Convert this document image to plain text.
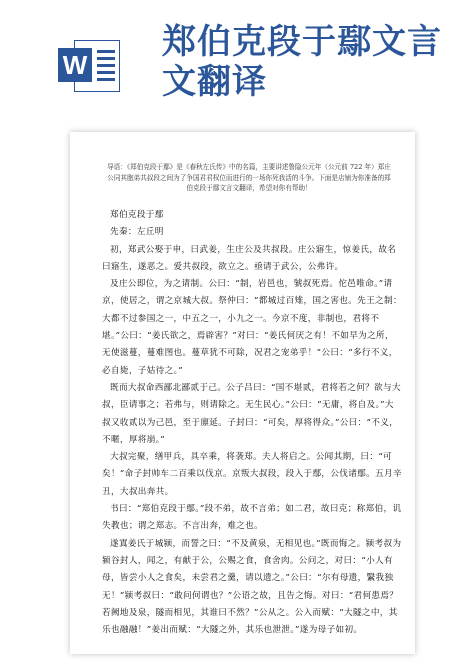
W
郑伯克段于鄢文言
文翻译
导语：《郑伯克段于鄢》是《春秋左氏传》中的名篇，主要讲述鲁隐公元年（公元前 722 年）郑庄公同其胞弟共叔段之间为了争国君君权位而进行的一场你死我活的斗争。下面是店铺为你准备的郑伯克段于鄢文言文翻译，希望对你有帮助！

郑伯克段于鄢

先秦：左丘明

初，郑武公娶于申，曰武姜，生庄公及共叔段。庄公寤生，惊姜氏，故名曰寤生，遂恶之。爱共叔段，欲立之。亟请于武公，公弗许。

及庄公即位，为之请制。公曰：“制，岩邑也，虢叔死焉。佗邑唯命。”请京，使居之，谓之京城大叔。祭仲曰：“都城过百雉，国之害也。先王之制：大都不过参国之一，中五之一，小九之一。今京不度，非制也，君将不堪。”公曰：“姜氏欲之，焉辟害？”对曰：“姜氏何厌之有！不如早为之所，无使滋蔓，蔓难图也。蔓草犹不可除，况君之宠弟乎！”公曰：“多行不义，必自毙，子姑待之。”

既而大叔命西鄙北鄙贰于己。公子吕曰：“国不堪贰，君将若之何？欲与大叔，臣请事之；若弗与，则请除之。无生民心。”公曰：“无庸，将自及。”大叔又收贰以为己邑，至于廪延。子封曰：“可矣，厚将得众。”公曰：“不义，不暱，厚将崩。”

大叔完聚，缮甲兵，具卒乘，将袭郑。夫人将启之。公闻其期，曰：“可矣！”命子封帅车二百乘以伐京。京叛大叔段，段入于鄢，公伐诸鄢。五月辛丑，大叔出奔共。

书曰：“郑伯克段于鄢。”段不弟，故不言弟；如二君，故曰克；称郑伯，讥失教也；谓之郑志。不言出奔，难之也。

遂寘姜氏于城颍，而誓之曰：“不及黄泉，无相见也。”既而悔之。颍考叔为颍谷封人，闻之，有献于公，公赐之食，食舍肉。公问之，对曰：“小人有母，皆尝小人之食矣，未尝君之羹，请以遗之。”公曰：“尔有母遗，繄我独无！”颍考叔曰：“敢问何谓也？”公语之故，且告之悔。对曰：“君何患焉？若阙地及泉，隧而相见，其谁曰不然？”公从之。公入而赋：“大隧之中，其乐也融融！”姜出而赋：“大隧之外，其乐也泄泄。”遂为母子如初。
